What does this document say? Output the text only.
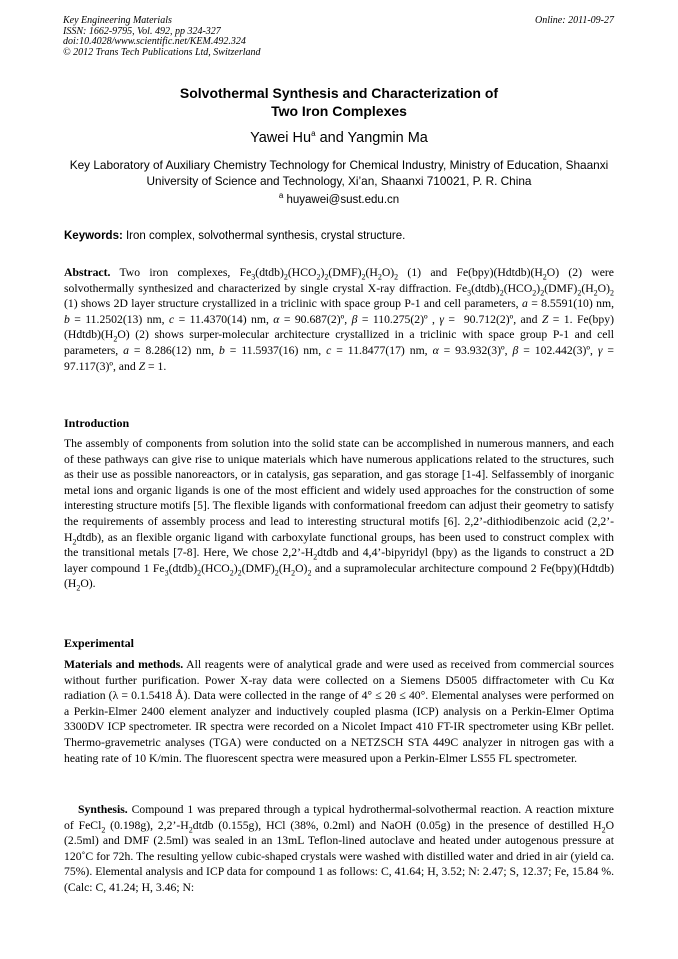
Key Engineering Materials
ISSN: 1662-9795, Vol. 492, pp 324-327
doi:10.4028/www.scientific.net/KEM.492.324
© 2012 Trans Tech Publications Ltd, Switzerland
Online: 2011-09-27
Solvothermal Synthesis and Characterization of
Two Iron Complexes
Yawei Hu$^a$ and Yangmin Ma
Key Laboratory of Auxiliary Chemistry Technology for Chemical Industry, Ministry of Education, Shaanxi University of Science and Technology, Xi’an, Shaanxi 710021, P. R. China
$^a$ huyawei@sust.edu.cn
Keywords: Iron complex, solvothermal synthesis, crystal structure.
Abstract. Two iron complexes, $Fe_3(dtdb)_2(HCO_2)_2(DMF)_2(H_2O)_2$ (1) and $Fe(bpy)(Hdtdb)(H_2O)$ (2) were solvothermally synthesized and characterized by single crystal X-ray diffraction. $Fe_3(dtdb)_2(HCO_2)_2(DMF)_2(H_2O)_2$ (1) shows 2D layer structure crystallized in a triclinic with space group P-1 and cell parameters, a = 8.5591(10) nm, b = 11.2502(13) nm, c = 11.4370(14) nm, α = 90.687(2)º, β = 110.275(2)º , γ =  90.712(2)º, and Z = 1. $Fe(bpy)(Hdtdb)(H_2O)$ (2) shows surper-molecular architecture crystallized in a triclinic with space group P-1 and cell parameters, a = 8.286(12) nm, b = 11.5937(16) nm, c = 11.8477(17) nm, α = 93.932(3)º, β = 102.442(3)º, γ = 97.117(3)º, and Z = 1.
Introduction
The assembly of components from solution into the solid state can be accomplished in numerous manners, and each of these pathways can give rise to unique materials which have numerous applications related to the structures, such as their use as possible nanoreactors, or in catalysis, gas separation, and gas storage [1-4]. Selfassembly of inorganic metal ions and organic ligands is one of the most efficient and widely used approaches for the construction of some interesting structure motifs [5]. The flexible ligands with conformational freedom can adjust their geometry to satisfy the requirements of assembly process and lead to interesting structural motifs [6]. 2,2’-dithiodibenzoic acid $(2,2’-H_2dtdb)$, as an flexible organic ligand with carboxylate functional groups, has been used to construct complex with the transitional metals [7-8]. Here, We chose $2,2’-H_2dtdb$ and 4,4’-bipyridyl (bpy) as the ligands to construct a 2D layer compound 1 $Fe_3(dtdb)_2(HCO_2)_2(DMF)_2(H_2O)_2$ and a supramolecular architecture compound 2 $Fe(bpy)(Hdtdb)(H_2O)$.
Experimental
Materials and methods. All reagents were of analytical grade and were used as received from commercial sources without further purification. Power X-ray data were collected on a Siemens D5005 diffractometer with Cu Kα radiation (λ = 0.1.5418 Å). Data were collected in the range of 4° ≤ 2θ ≤ 40°. Elemental analyses were performed on a Perkin-Elmer 2400 element analyzer and inductively coupled plasma (ICP) analysis on a Perkin-Elmer Optima 3300DV ICP spectrometer. IR spectra were recorded on a Nicolet Impact 410 FT-IR spectrometer using KBr pellet. Thermo-gravemetric analyses (TGA) were conducted on a NETZSCH STA 449C analyzer in nitrogen gas with a heating rate of 10 K/min. The fluorescent spectra were measured upon a Perkin-Elmer LS55 FL spectrometer.
Synthesis. Compound 1 was prepared through a typical hydrothermal-solvothermal reaction. A reaction mixture of FeCl$_2$ (0.198g), $2,2’-H_2dtdb$ (0.155g), HCl (38%, 0.2ml) and NaOH (0.05g) in the presence of destilled $H_2O$ (2.5ml) and DMF (2.5ml) was sealed in an 13mL Teflon-lined autoclave and heated under autogenous pressure at 120˚C for 72h. The resulting yellow cubic-shaped crystals were washed with distilled water and dried in air (yield ca. 75%). Elemental analysis and ICP data for compound 1 as follows: C, 41.64; H, 3.52; N: 2.47; S, 12.37; Fe, 15.84 %. (Calc: C, 41.24; H, 3.46; N:
